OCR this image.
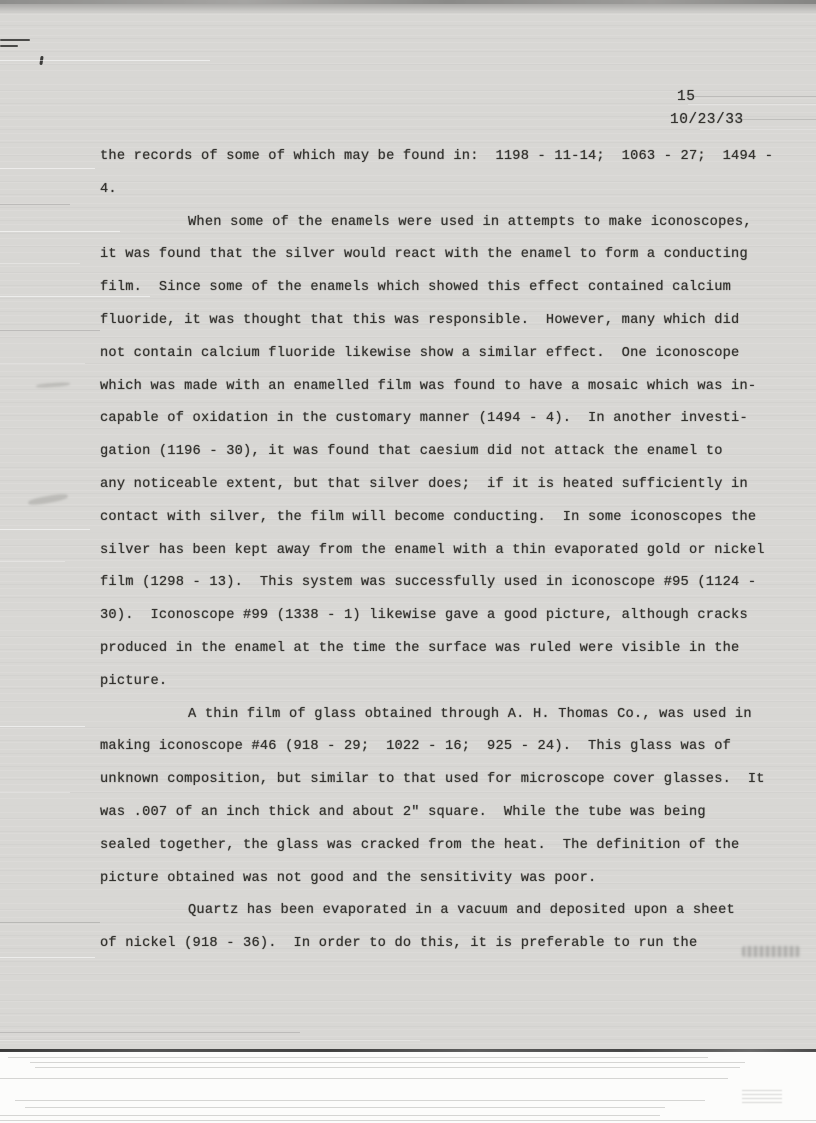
15
10/23/33
the records of some of which may be found in:  1198 - 11-14;  1063 - 27;  1494 -
4.
When some of the enamels were used in attempts to make iconoscopes,
it was found that the silver would react with the enamel to form a conducting
film.  Since some of the enamels which showed this effect contained calcium
fluoride, it was thought that this was responsible.  However, many which did
not contain calcium fluoride likewise show a similar effect.  One iconoscope
which was made with an enamelled film was found to have a mosaic which was in-
capable of oxidation in the customary manner (1494 - 4).  In another investi-
gation (1196 - 30), it was found that caesium did not attack the enamel to
any noticeable extent, but that silver does;  if it is heated sufficiently in
contact with silver, the film will become conducting.  In some iconoscopes the
silver has been kept away from the enamel with a thin evaporated gold or nickel
film (1298 - 13).  This system was successfully used in iconoscope #95 (1124 -
30).  Iconoscope #99 (1338 - 1) likewise gave a good picture, although cracks
produced in the enamel at the time the surface was ruled were visible in the
picture.
A thin film of glass obtained through A. H. Thomas Co., was used in
making iconoscope #46 (918 - 29;  1022 - 16;  925 - 24).  This glass was of
unknown composition, but similar to that used for microscope cover glasses.  It
was .007 of an inch thick and about 2" square.  While the tube was being
sealed together, the glass was cracked from the heat.  The definition of the
picture obtained was not good and the sensitivity was poor.
Quartz has been evaporated in a vacuum and deposited upon a sheet
of nickel (918 - 36).  In order to do this, it is preferable to run the
